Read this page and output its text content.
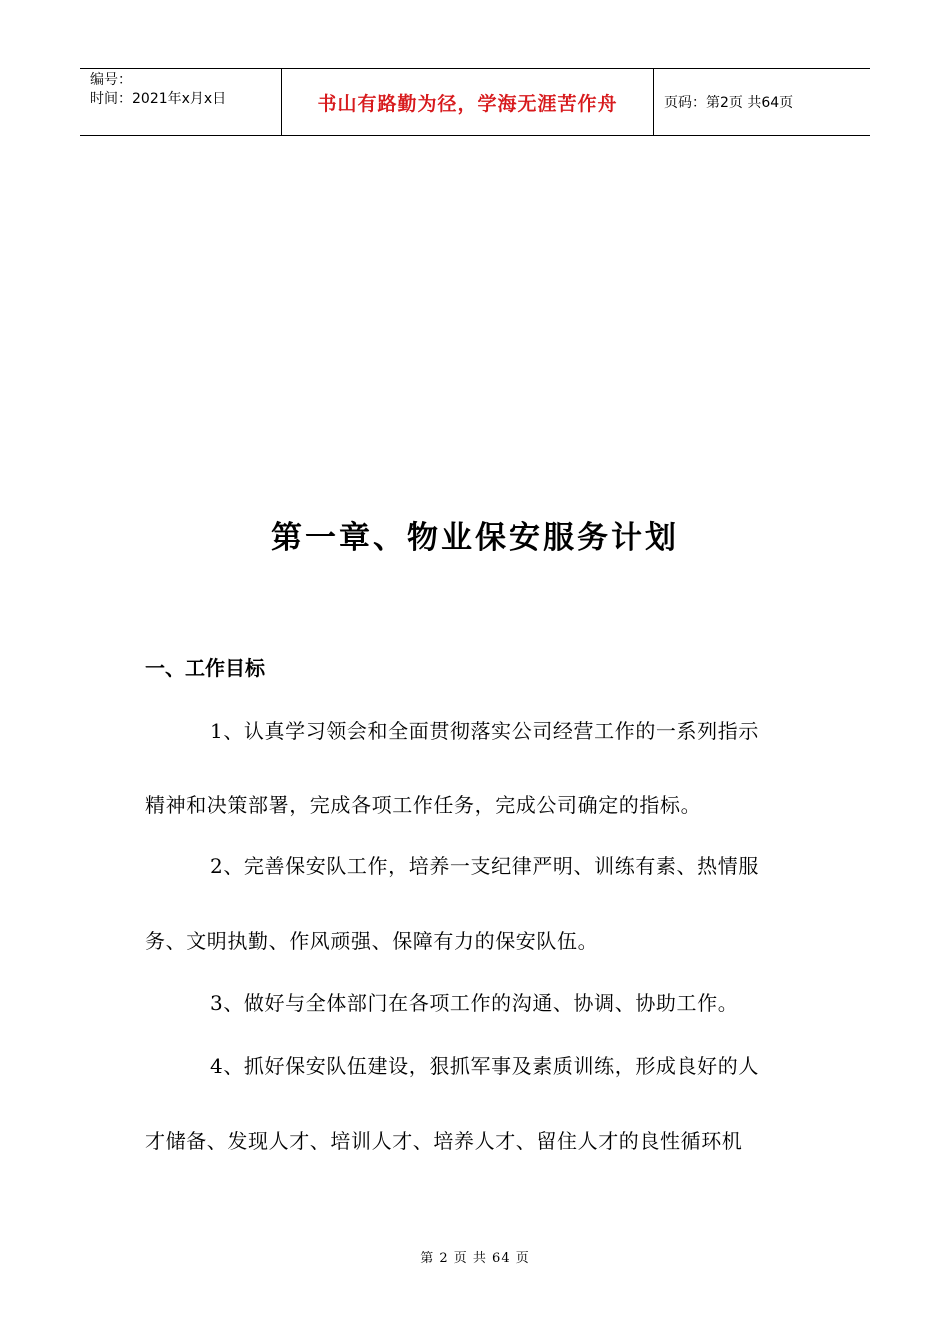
编号：
时间：2021年x月x日	书山有路勤为径，学海无涯苦作舟	页码：第2页 共64页
第一章、物业保安服务计划
一、工作目标
1、认真学习领会和全面贯彻落实公司经营工作的一系列指示
精神和决策部署，完成各项工作任务，完成公司确定的指标。
2、完善保安队工作，培养一支纪律严明、训练有素、热情服
务、文明执勤、作风顽强、保障有力的保安队伍。
3、做好与全体部门在各项工作的沟通、协调、协助工作。
4、抓好保安队伍建设，狠抓军事及素质训练，形成良好的人
才储备、发现人才、培训人才、培养人才、留住人才的良性循环机
第 2 页 共 64 页
